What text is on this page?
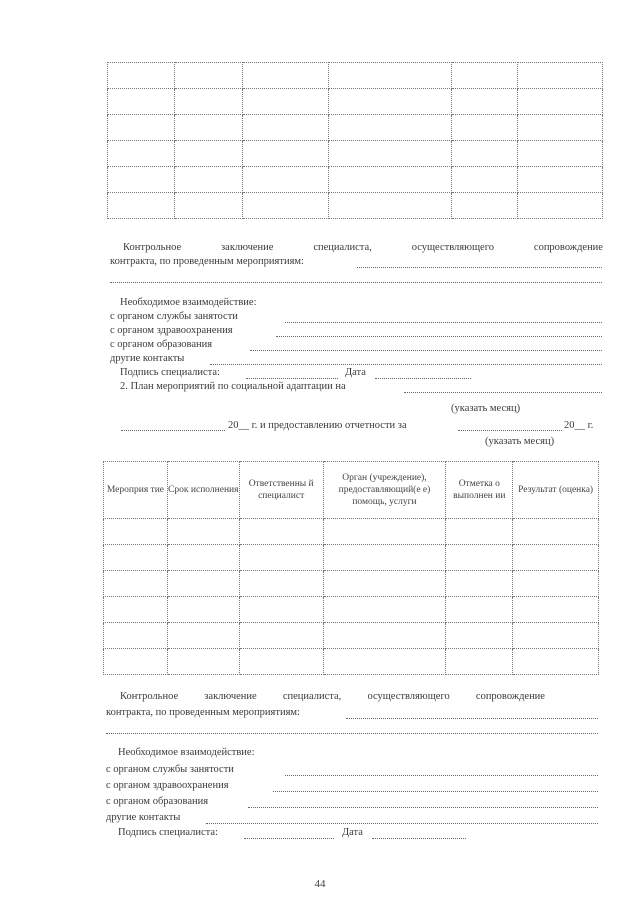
Контрольное	заключение	специалиста,	осуществляющего	сопровождение
контракта, по проведенным мероприятиям:
Необходимое взаимодействие:
с органом службы занятости
с органом здравоохранения
с органом образования
другие контакты
Подпись специалиста:	Дата
2. План мероприятий по социальной адаптации на
(указать месяц)
20__ г. и предоставлению отчетности за	20__ г.
(указать месяц)
Мероприя тие	Срок исполнения	Ответственны й специалист	Орган (учреждение), предоставляющий(е е) помощь, услуги	Отметка о выполнен ии	Результат (оценка)

Контрольное заключение специалиста, осуществляющего сопровождение
контракта, по проведенным мероприятиям:
Необходимое взаимодействие:
с органом службы занятости
с органом здравоохранения
с органом образования
другие контакты
Подпись специалиста:	Дата
44
